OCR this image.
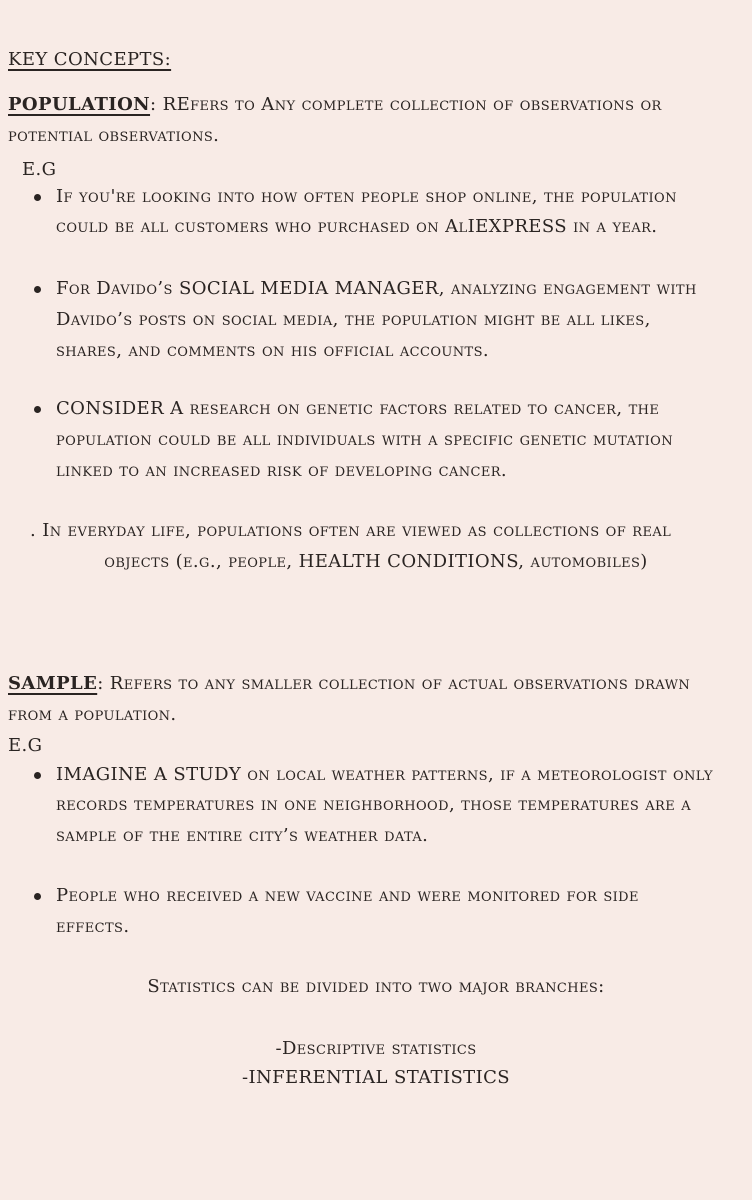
KEY CONCEPTS:
POPULATION: REfers to Any complete collection of observations or
potential observations.
E.G
If you're looking into how often people shop online, the population
could be all customers who purchased on AlIEXPRESS in a year.
For Davido’s SOCIAL MEDIA MANAGER, analyzing engagement with
Davido’s posts on social media, the population might be all likes,
shares, and comments on his official accounts.
CONSIDER A research on genetic factors related to cancer, the
population could be all individuals with a specific genetic mutation
linked to an increased risk of developing cancer.
. In everyday life, populations often are viewed as collections of real
objects (e.g., people, HEALTH CONDITIONS, automobiles)
SAMPLE: Refers to any smaller collection of actual observations drawn
from a population.
E.G
IMAGINE A STUDY on local weather patterns, if a meteorologist only
records temperatures in one neighborhood, those temperatures are a
sample of the entire city’s weather data.
People who received a new vaccine and were monitored for side
effects.
Statistics can be divided into two major branches:
-Descriptive statistics
-INFERENTIAL STATISTICS
